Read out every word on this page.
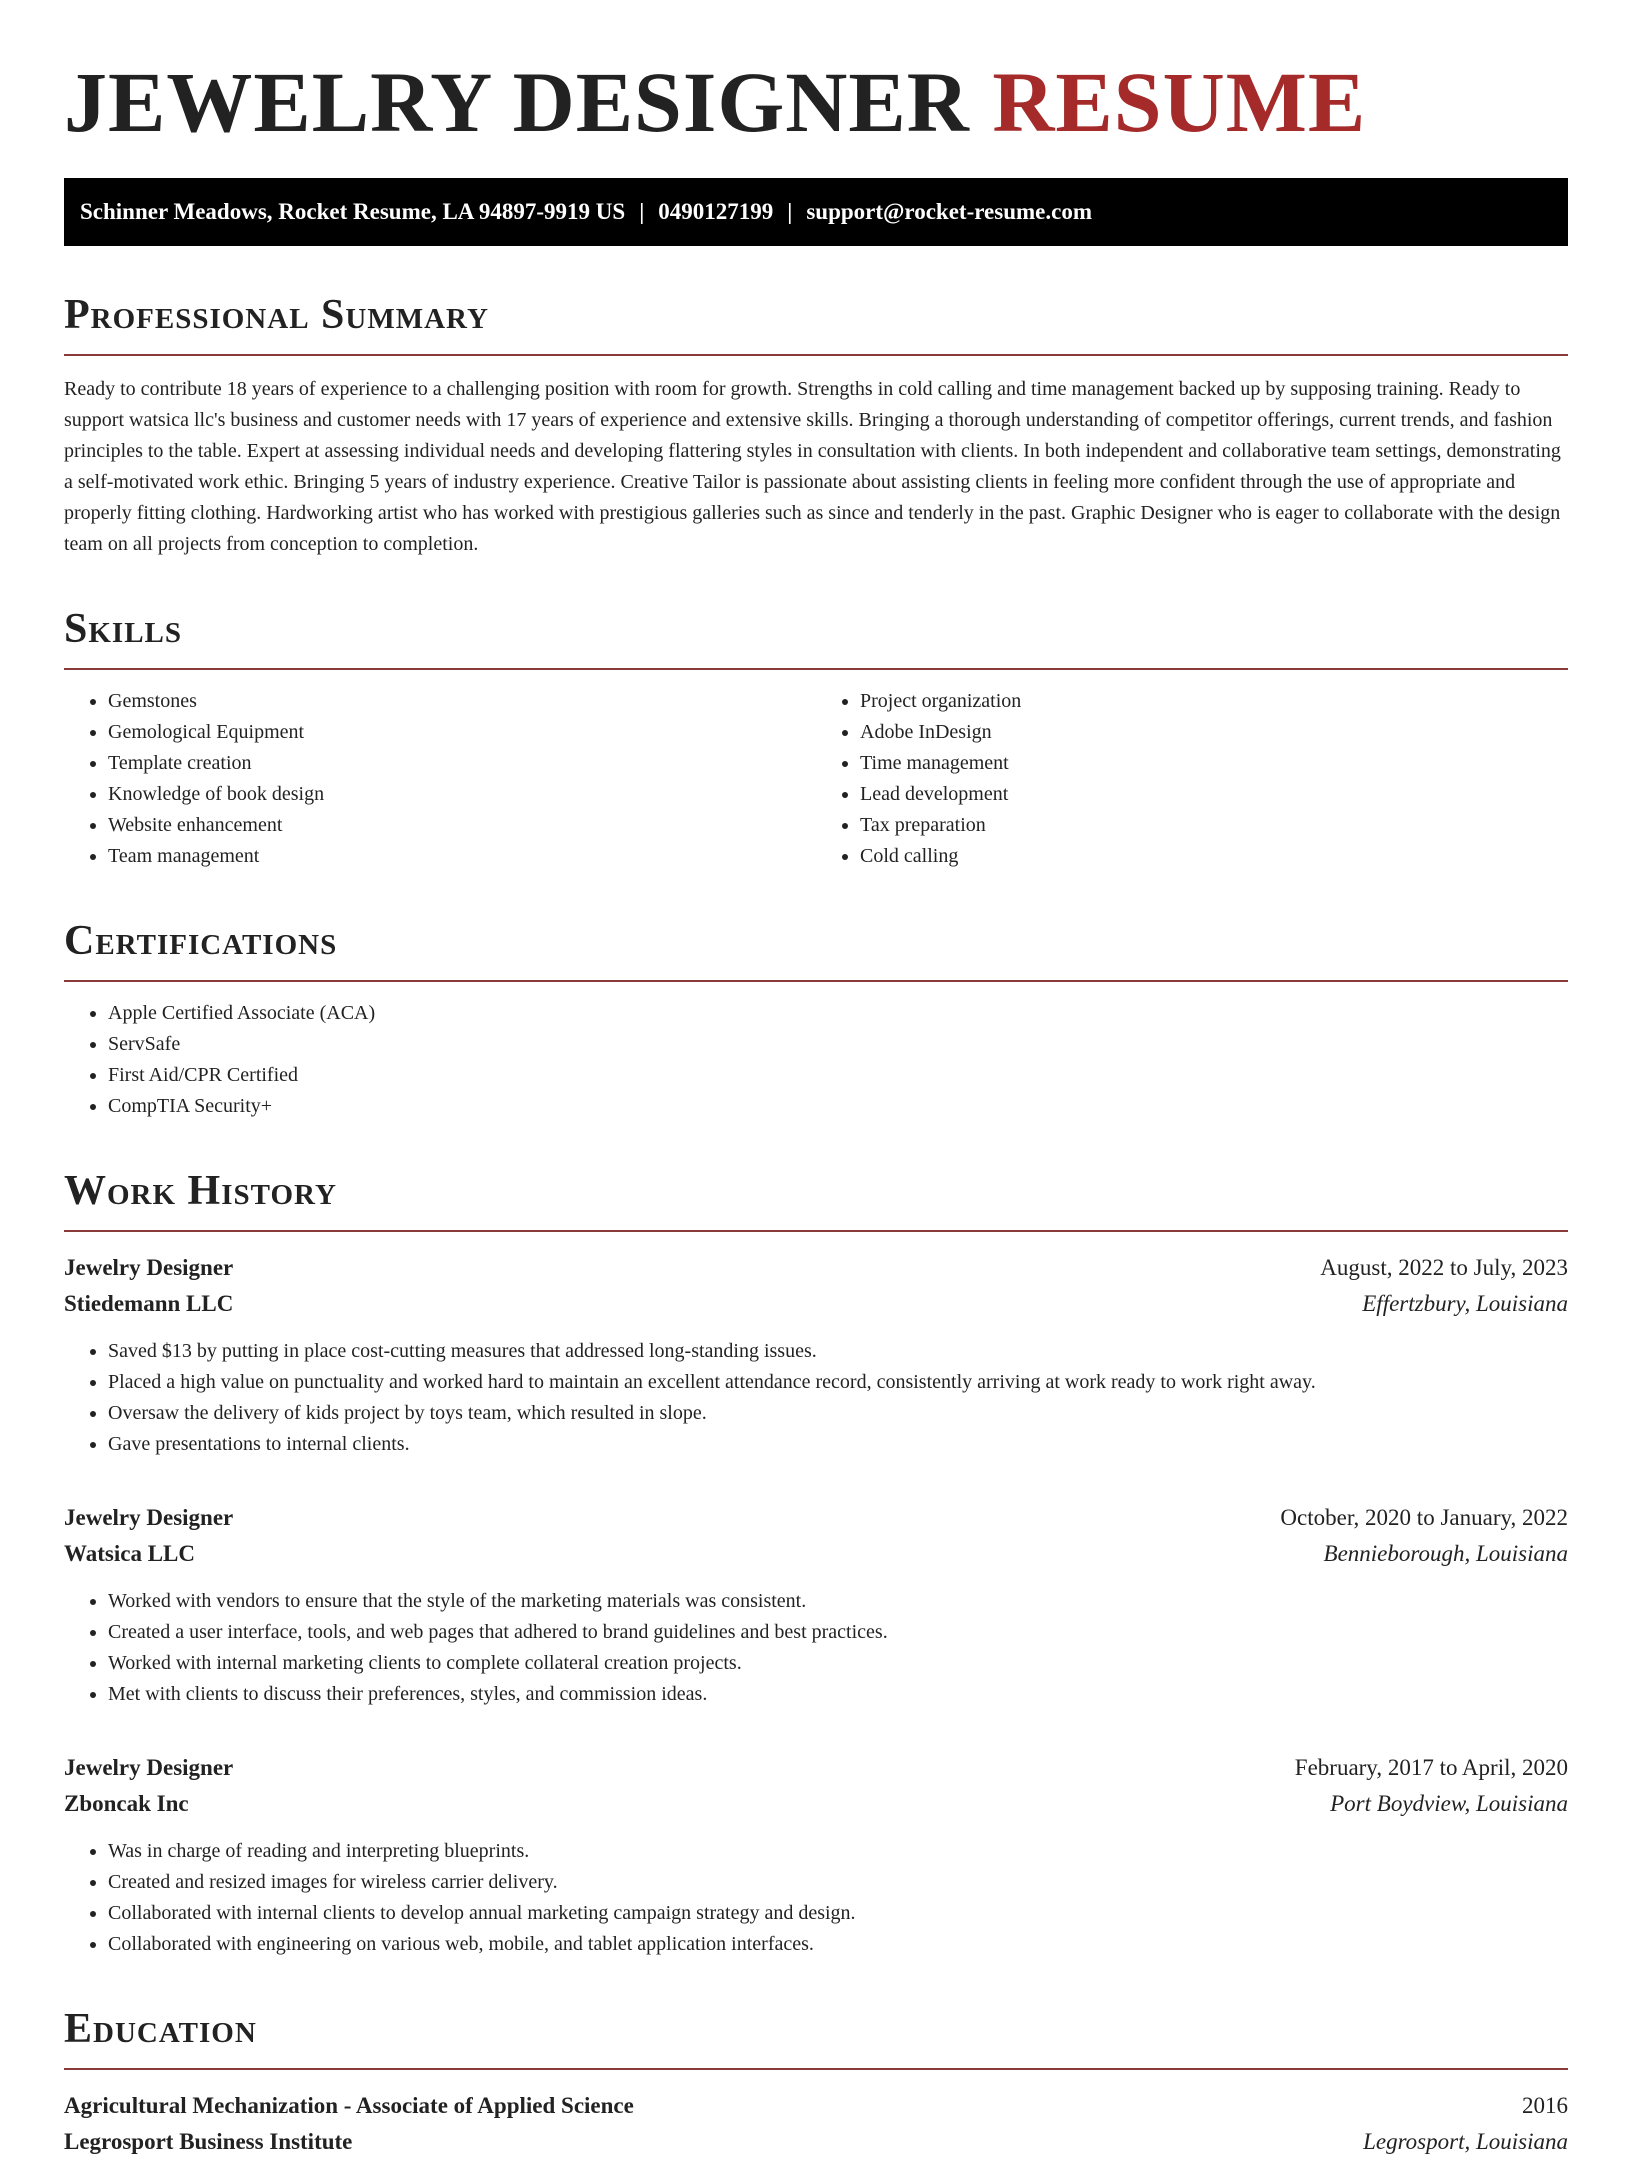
JEWELRY DESIGNER RESUME
Schinner Meadows, Rocket Resume, LA 94897-9919 US | 0490127199 | support@rocket-resume.com
Professional Summary

Ready to contribute 18 years of experience to a challenging position with room for growth. Strengths in cold calling and time management backed up by supposing training. Ready to support watsica llc's business and customer needs with 17 years of experience and extensive skills. Bringing a thorough understanding of competitor offerings, current trends, and fashion principles to the table. Expert at assessing individual needs and developing flattering styles in consultation with clients. In both independent and collaborative team settings, demonstrating a self-motivated work ethic. Bringing 5 years of industry experience. Creative Tailor is passionate about assisting clients in feeling more confident through the use of appropriate and properly fitting clothing. Hardworking artist who has worked with prestigious galleries such as since and tenderly in the past. Graphic Designer who is eager to collaborate with the design team on all projects from conception to completion.

Skills
• Gemstones
• Gemological Equipment
• Template creation
• Knowledge of book design
• Website enhancement
• Team management
• Project organization
• Adobe InDesign
• Time management
• Lead development
• Tax preparation
• Cold calling
Certifications
• Apple Certified Associate (ACA)
• ServSafe
• First Aid/CPR Certified
• CompTIA Security+
Work History
Jewelry Designer	August, 2022 to July, 2023
Stiedemann LLC	Effertzbury, Louisiana
• Saved $13 by putting in place cost-cutting measures that addressed long-standing issues.
• Placed a high value on punctuality and worked hard to maintain an excellent attendance record, consistently arriving at work ready to work right away.
• Oversaw the delivery of kids project by toys team, which resulted in slope.
• Gave presentations to internal clients.
Jewelry Designer	October, 2020 to January, 2022
Watsica LLC	Bennieborough, Louisiana
• Worked with vendors to ensure that the style of the marketing materials was consistent.
• Created a user interface, tools, and web pages that adhered to brand guidelines and best practices.
• Worked with internal marketing clients to complete collateral creation projects.
• Met with clients to discuss their preferences, styles, and commission ideas.
Jewelry Designer	February, 2017 to April, 2020
Zboncak Inc	Port Boydview, Louisiana
• Was in charge of reading and interpreting blueprints.
• Created and resized images for wireless carrier delivery.
• Collaborated with internal clients to develop annual marketing campaign strategy and design.
• Collaborated with engineering on various web, mobile, and tablet application interfaces.
Education
Agricultural Mechanization - Associate of Applied Science	2016
Legrosport Business Institute	Legrosport, Louisiana
